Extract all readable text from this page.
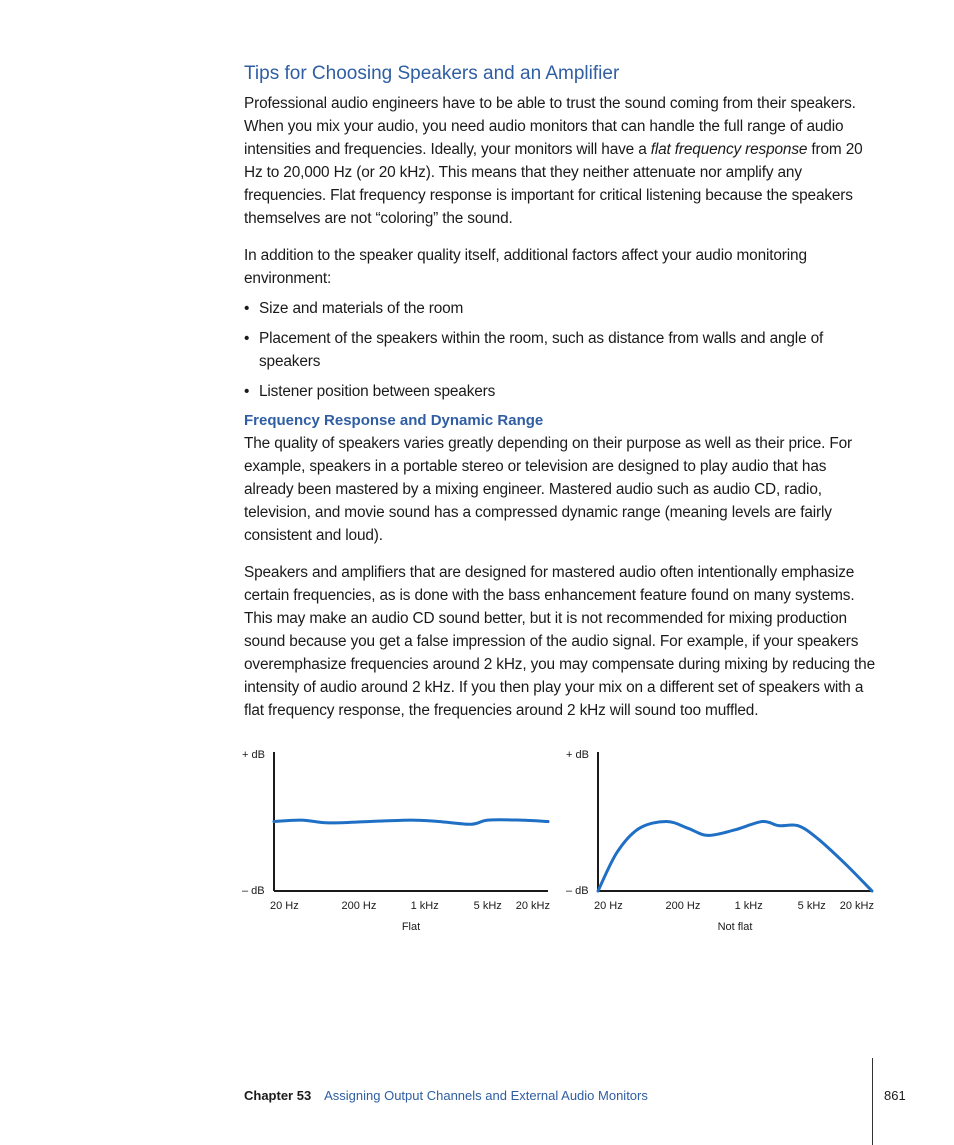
Tips for Choosing Speakers and an Amplifier

Professional audio engineers have to be able to trust the sound coming from their speakers. When you mix your audio, you need audio monitors that can handle the full range of audio intensities and frequencies. Ideally, your monitors will have a flat frequency response from 20 Hz to 20,000 Hz (or 20 kHz). This means that they neither attenuate nor amplify any frequencies. Flat frequency response is important for critical listening because the speakers themselves are not “coloring” the sound.

In addition to the speaker quality itself, additional factors affect your audio monitoring environment:

• Size and materials of the room
• Placement of the speakers within the room, such as distance from walls and angle of speakers
• Listener position between speakers
Frequency Response and Dynamic Range

The quality of speakers varies greatly depending on their purpose as well as their price. For example, speakers in a portable stereo or television are designed to play audio that has already been mastered by a mixing engineer. Mastered audio such as audio CD, radio, television, and movie sound has a compressed dynamic range (meaning levels are fairly consistent and loud).

Speakers and amplifiers that are designed for mastered audio often intentionally emphasize certain frequencies, as is done with the bass enhancement feature found on many systems. This may make an audio CD sound better, but it is not recommended for mixing production sound because you get a false impression of the audio signal. For example, if your speakers overemphasize frequencies around 2 kHz, you may compensate during mixing by reducing the intensity of audio around 2 kHz. If you then play your mix on a different set of speakers with a flat frequency response, the frequencies around 2 kHz will sound too muffled.

+ dB
– dB
20 Hz	200 Hz	1 kHz	5 kHz 20 kHz
Flat
+ dB
– dB
20 Hz	200 Hz	1 kHz	5 kHz 20 kHz
Not flat
Chapter 53 Assigning Output Channels and External Audio Monitors	861
